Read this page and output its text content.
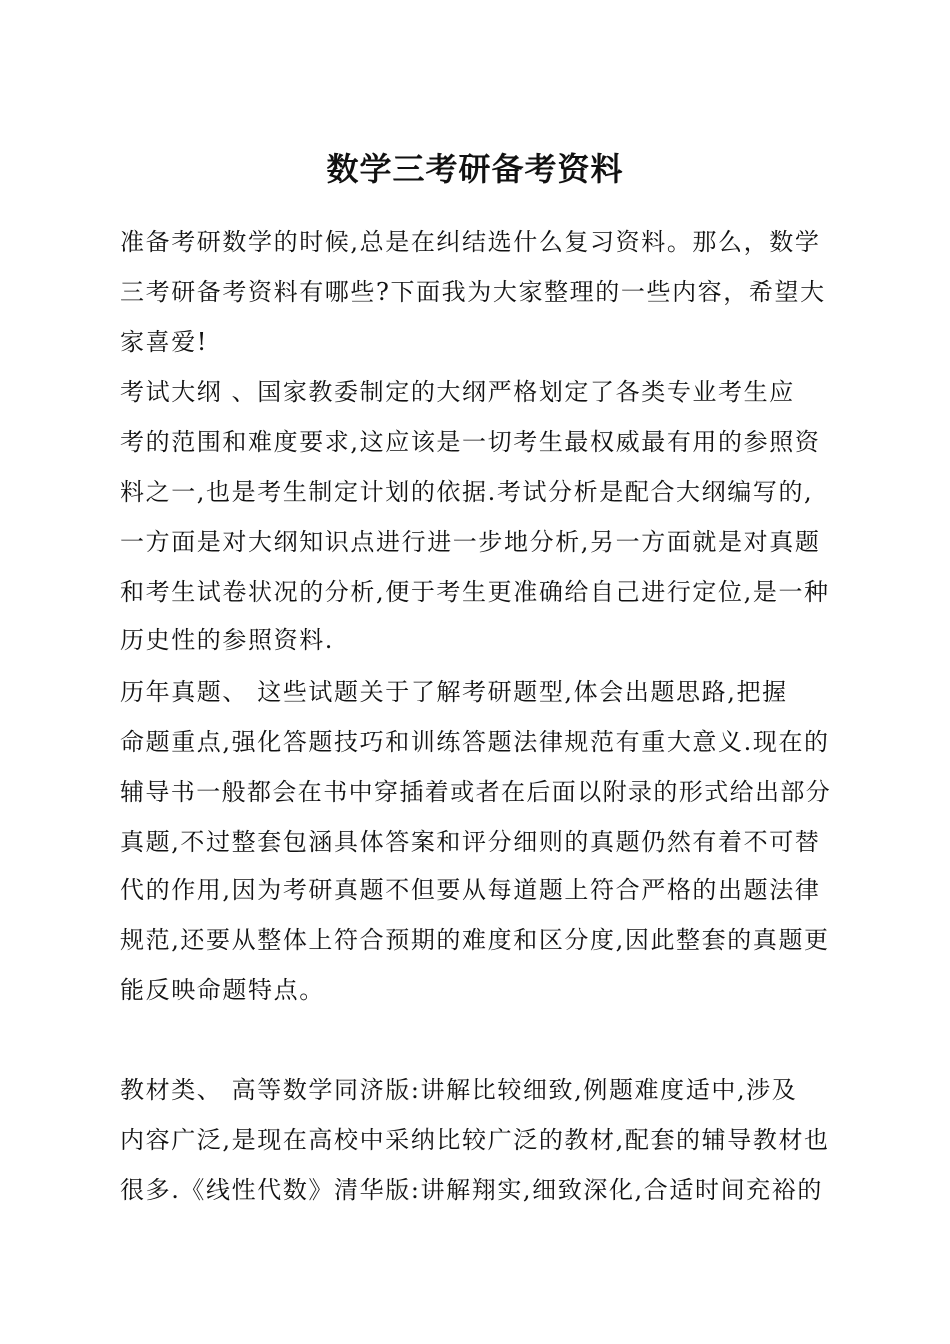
数学三考研备考资料
准备考研数学的时候,总是在纠结选什么复习资料。那么，数学
三考研备考资料有哪些?下面我为大家整理的一些内容，希望大
家喜爱!
考试大纲 、国家教委制定的大纲严格划定了各类专业考生应
考的范围和难度要求,这应该是一切考生最权威最有用的参照资
料之一,也是考生制定计划的依据.考试分析是配合大纲编写的,
一方面是对大纲知识点进行进一步地分析,另一方面就是对真题
和考生试卷状况的分析,便于考生更准确给自己进行定位,是一种
历史性的参照资料.
历年真题、 这些试题关于了解考研题型,体会出题思路,把握
命题重点,强化答题技巧和训练答题法律规范有重大意义.现在的
辅导书一般都会在书中穿插着或者在后面以附录的形式给出部分
真题,不过整套包涵具体答案和评分细则的真题仍然有着不可替
代的作用,因为考研真题不但要从每道题上符合严格的出题法律
规范,还要从整体上符合预期的难度和区分度,因此整套的真题更
能反映命题特点。
教材类、 高等数学同济版:讲解比较细致,例题难度适中,涉及
内容广泛,是现在高校中采纳比较广泛的教材,配套的辅导教材也
很多.《线性代数》清华版:讲解翔实,细致深化,合适时间充裕的
